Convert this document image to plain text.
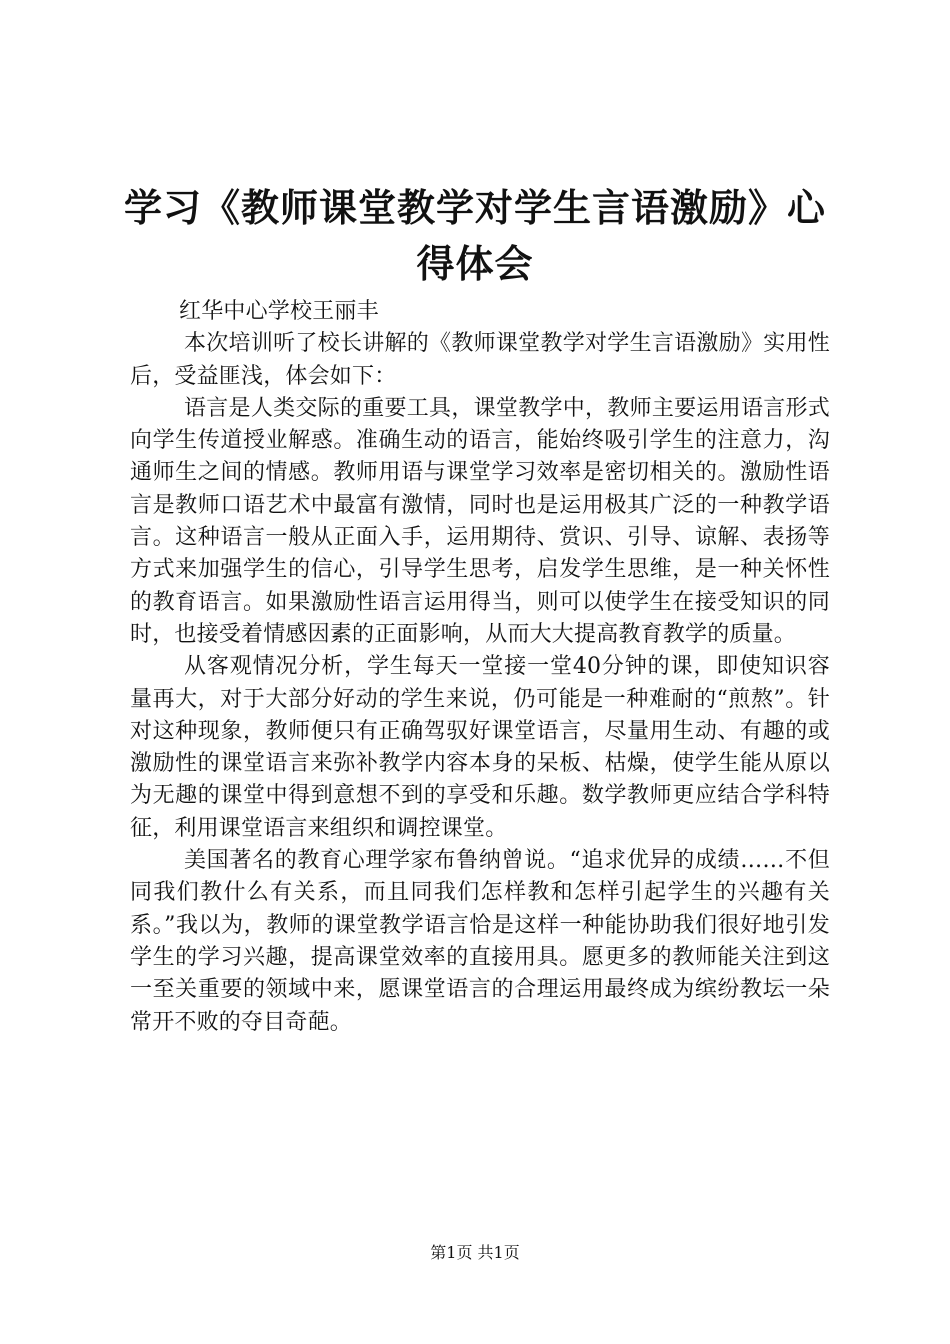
学习《教师课堂教学对学生言语激励》心得体会

红华中心学校王丽丰

本次培训听了校长讲解的《教师课堂教学对学生言语激励》实用性后，受益匪浅，体会如下：

语言是人类交际的重要工具，课堂教学中，教师主要运用语言形式向学生传道授业解惑。准确生动的语言，能始终吸引学生的注意力，沟通师生之间的情感。教师用语与课堂学习效率是密切相关的。激励性语言是教师口语艺术中最富有激情，同时也是运用极其广泛的一种教学语言。这种语言一般从正面入手，运用期待、赏识、引导、谅解、表扬等方式来加强学生的信心，引导学生思考，启发学生思维，是一种关怀性的教育语言。如果激励性语言运用得当，则可以使学生在接受知识的同时，也接受着情感因素的正面影响，从而大大提高教育教学的质量。

从客观情况分析，学生每天一堂接一堂40分钟的课，即使知识容量再大，对于大部分好动的学生来说，仍可能是一种难耐的“煎熬”。针对这种现象，教师便只有正确驾驭好课堂语言，尽量用生动、有趣的或激励性的课堂语言来弥补教学内容本身的呆板、枯燥，使学生能从原以为无趣的课堂中得到意想不到的享受和乐趣。数学教师更应结合学科特征，利用课堂语言来组织和调控课堂。

美国著名的教育心理学家布鲁纳曾说。“追求优异的成绩……不但同我们教什么有关系，而且同我们怎样教和怎样引起学生的兴趣有关系。”我以为，教师的课堂教学语言恰是这样一种能协助我们很好地引发学生的学习兴趣，提高课堂效率的直接用具。愿更多的教师能关注到这一至关重要的领域中来，愿课堂语言的合理运用最终成为缤纷教坛一朵常开不败的夺目奇葩。

第1页 共1页
